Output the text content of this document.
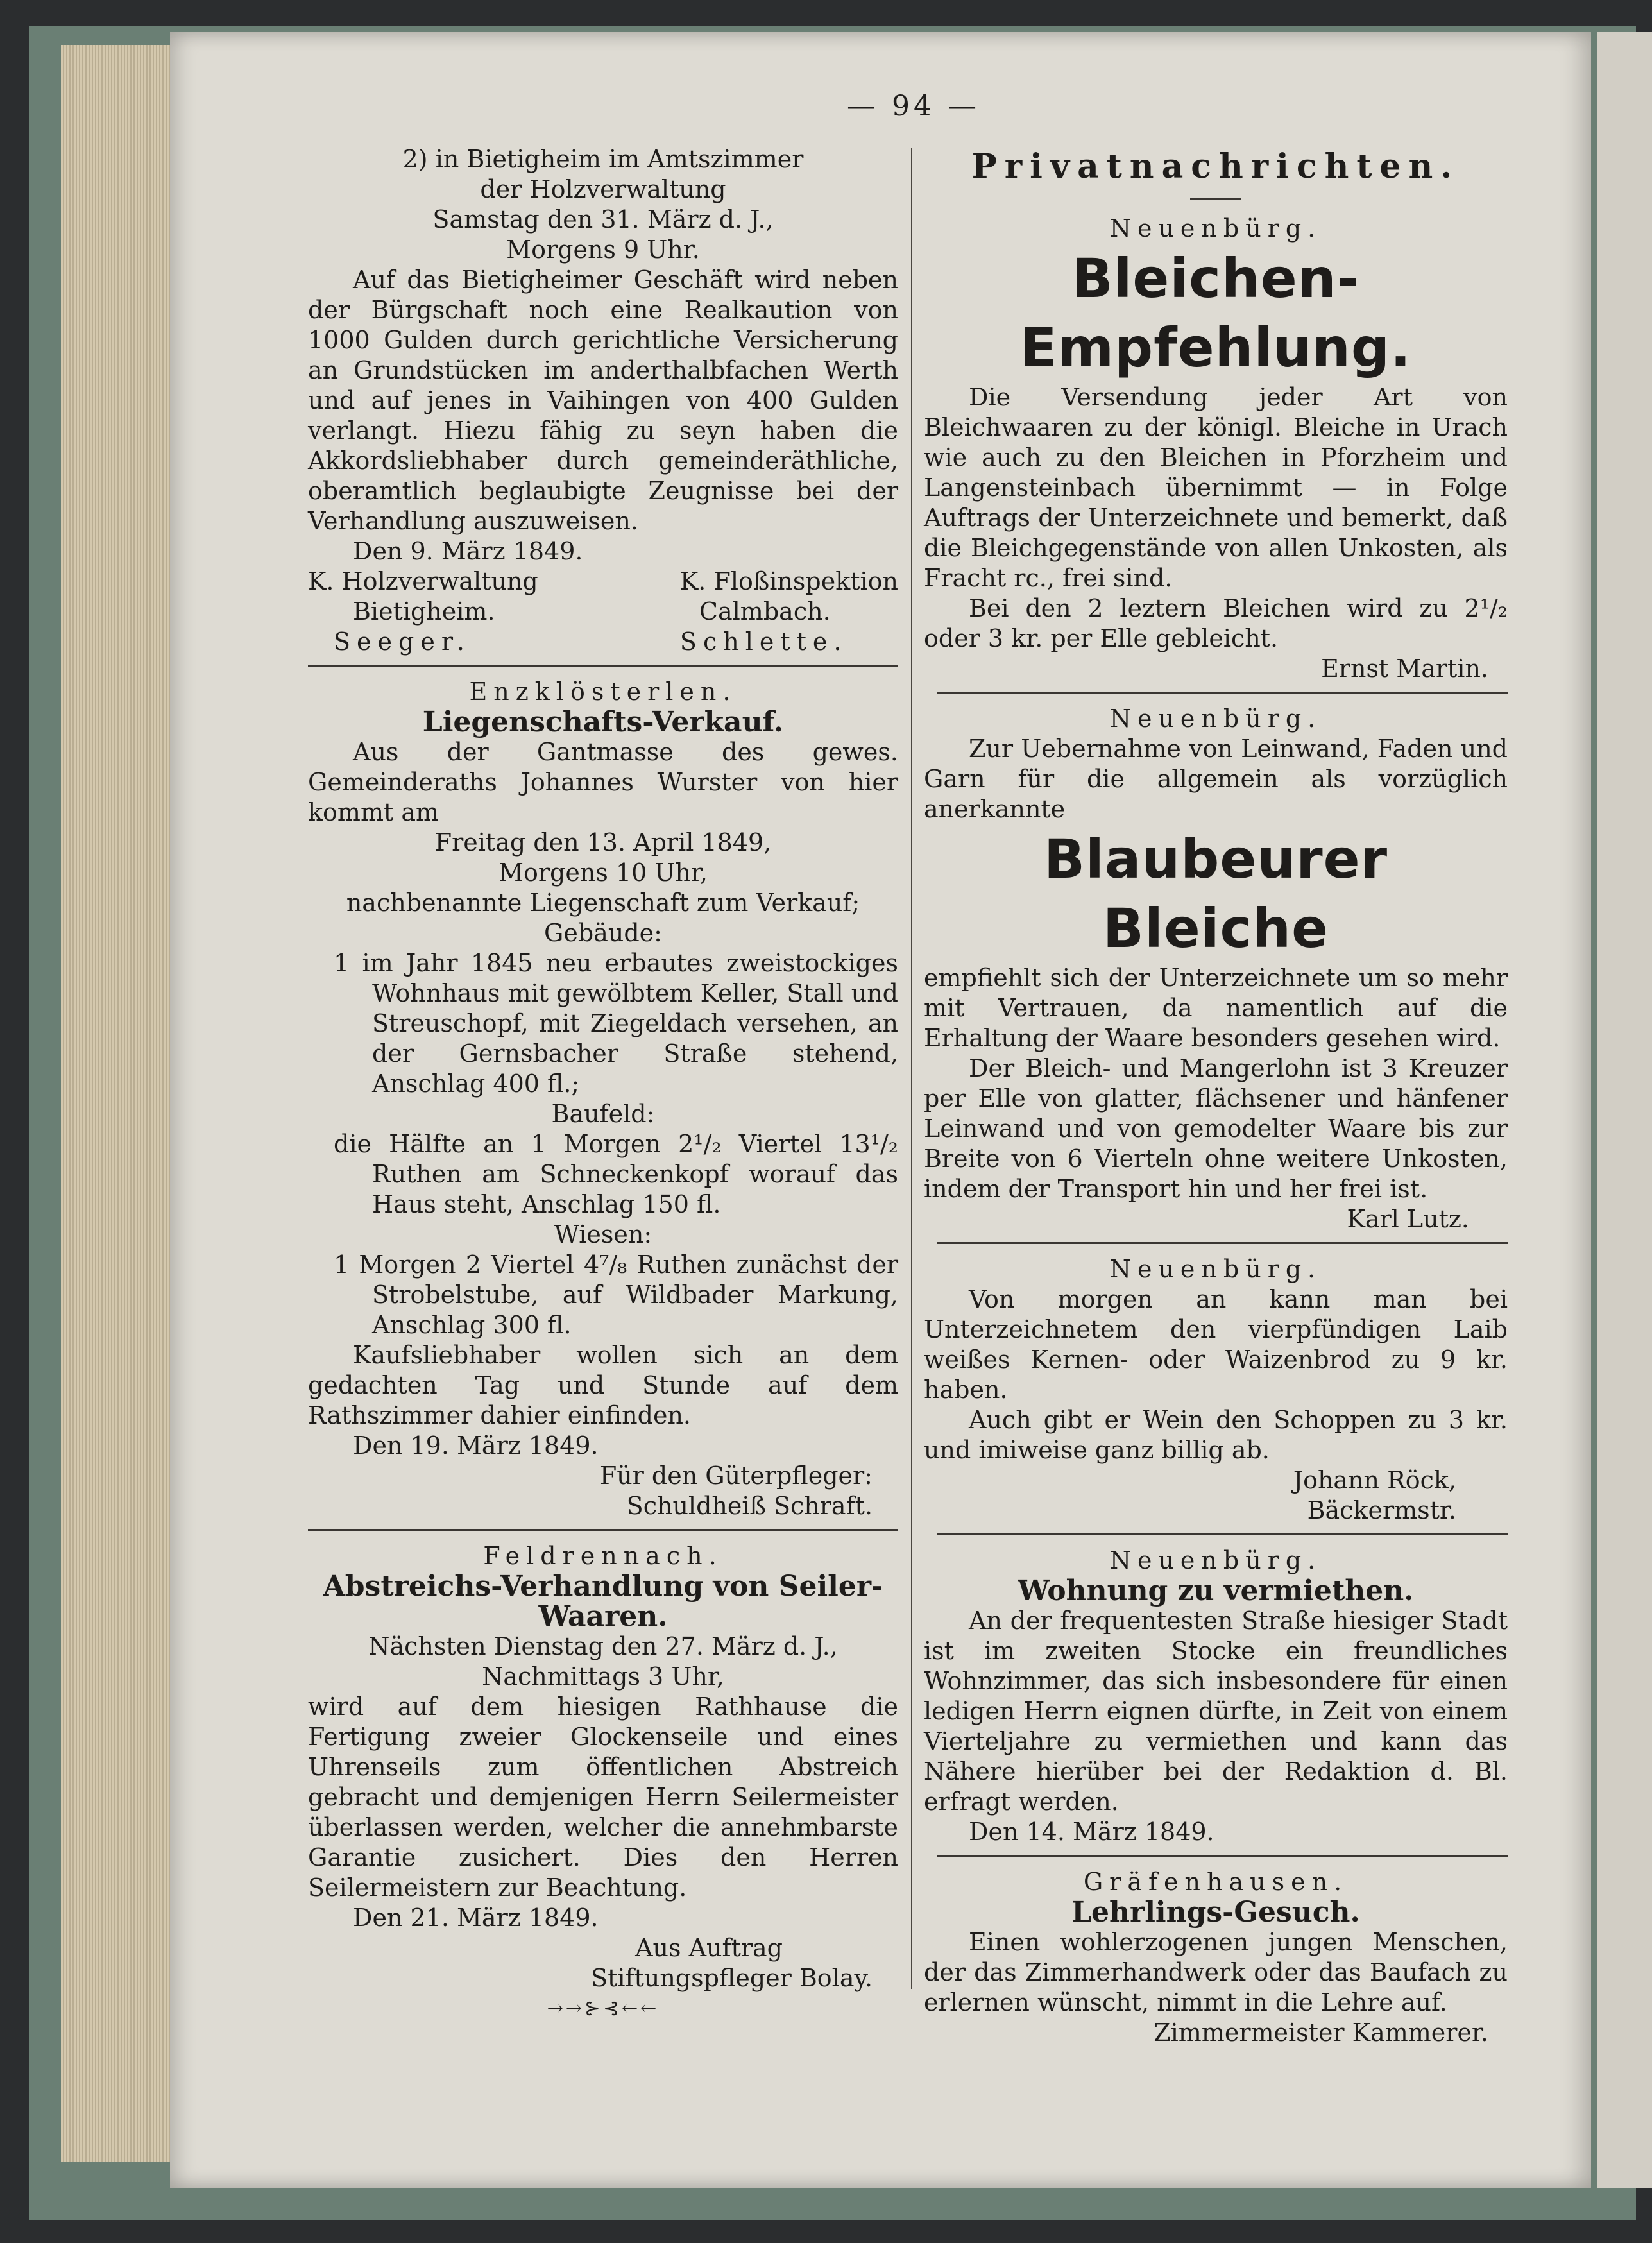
— 94 —
2) in Bietigheim im Amtszimmer
der Holzverwaltung
Samstag den 31. März d. J.,
Morgens 9 Uhr.

Auf das Bietigheimer Geschäft wird neben der Bürgschaft noch eine Realkaution von 1000 Gulden durch gerichtliche Versicherung an Grundstücken im anderthalbfachen Werth und auf jenes in Vaihingen von 400 Gulden verlangt. Hiezu fähig zu seyn haben die Akkordsliebhaber durch gemeinderäthliche, oberamtlich beglaubigte Zeugnisse bei der Verhandlung auszuweisen.

Den 9. März 1849.
K. Holzverwaltung
Bietigheim.
Seeger.
K. Floßinspektion
Calmbach.
Schlette.
Enzklösterlen.
Liegenschafts-Verkauf.

Aus der Gantmasse des gewes. Gemeinderaths Johannes Wurster von hier kommt am

Freitag den 13. April 1849,
Morgens 10 Uhr,
nachbenannte Liegenschaft zum Verkauf;
Gebäude:

1 im Jahr 1845 neu erbautes zweistockiges Wohnhaus mit gewölbtem Keller, Stall und Streuschopf, mit Ziegeldach versehen, an der Gernsbacher Straße stehend, Anschlag 400 fl.;

Baufeld:

die Hälfte an 1 Morgen 2¹/₂ Viertel 13¹/₂ Ruthen am Schneckenkopf worauf das Haus steht, Anschlag 150 fl.

Wiesen:

1 Morgen 2 Viertel 4⁷/₈ Ruthen zunächst der Strobelstube, auf Wildbader Markung, Anschlag 300 fl.

Kaufsliebhaber wollen sich an dem gedachten Tag und Stunde auf dem Rathszimmer dahier einfinden.

Den 19. März 1849.
Für den Güterpfleger:
Schuldheiß Schraft.
Feldrennach.
Abstreichs-Verhandlung von Seiler-
Waaren.
Nächsten Dienstag den 27. März d. J.,
Nachmittags 3 Uhr,

wird auf dem hiesigen Rathhause die Fertigung zweier Glockenseile und eines Uhrenseils zum öffentlichen Abstreich gebracht und demjenigen Herrn Seilermeister überlassen werden, welcher die annehmbarste Garantie zusichert. Dies den Herren Seilermeistern zur Beachtung.

Den 21. März 1849.
Aus Auftrag
Stiftungspfleger Bolay.
→→⊱⊰←←
Privatnachrichten.
Neuenbürg.
Bleichen-Empfehlung.

Die Versendung jeder Art von Bleichwaaren zu der königl. Bleiche in Urach wie auch zu den Bleichen in Pforzheim und Langensteinbach übernimmt — in Folge Auftrags der Unterzeichnete und bemerkt, daß die Bleichgegenstände von allen Unkosten, als Fracht rc., frei sind.

Bei den 2 leztern Bleichen wird zu 2¹/₂ oder 3 kr. per Elle gebleicht.

Ernst Martin.
Neuenbürg.

Zur Uebernahme von Leinwand, Faden und Garn für die allgemein als vorzüglich anerkannte

Blaubeurer Bleiche

empfiehlt sich der Unterzeichnete um so mehr mit Vertrauen, da namentlich auf die Erhaltung der Waare besonders gesehen wird.

Der Bleich- und Mangerlohn ist 3 Kreuzer per Elle von glatter, flächsener und hänfener Leinwand und von gemodelter Waare bis zur Breite von 6 Vierteln ohne weitere Unkosten, indem der Transport hin und her frei ist.

Karl Lutz.
Neuenbürg.

Von morgen an kann man bei Unterzeichnetem den vierpfündigen Laib weißes Kernen- oder Waizenbrod zu 9 kr. haben.

Auch gibt er Wein den Schoppen zu 3 kr. und imiweise ganz billig ab.

Johann Röck,
Bäckermstr.
Neuenbürg.
Wohnung zu vermiethen.

An der frequentesten Straße hiesiger Stadt ist im zweiten Stocke ein freundliches Wohnzimmer, das sich insbesondere für einen ledigen Herrn eignen dürfte, in Zeit von einem Vierteljahre zu vermiethen und kann das Nähere hierüber bei der Redaktion d. Bl. erfragt werden.

Den 14. März 1849.
Gräfenhausen.
Lehrlings-Gesuch.

Einen wohlerzogenen jungen Menschen, der das Zimmerhandwerk oder das Baufach zu erlernen wünscht, nimmt in die Lehre auf.

Zimmermeister Kammerer.
